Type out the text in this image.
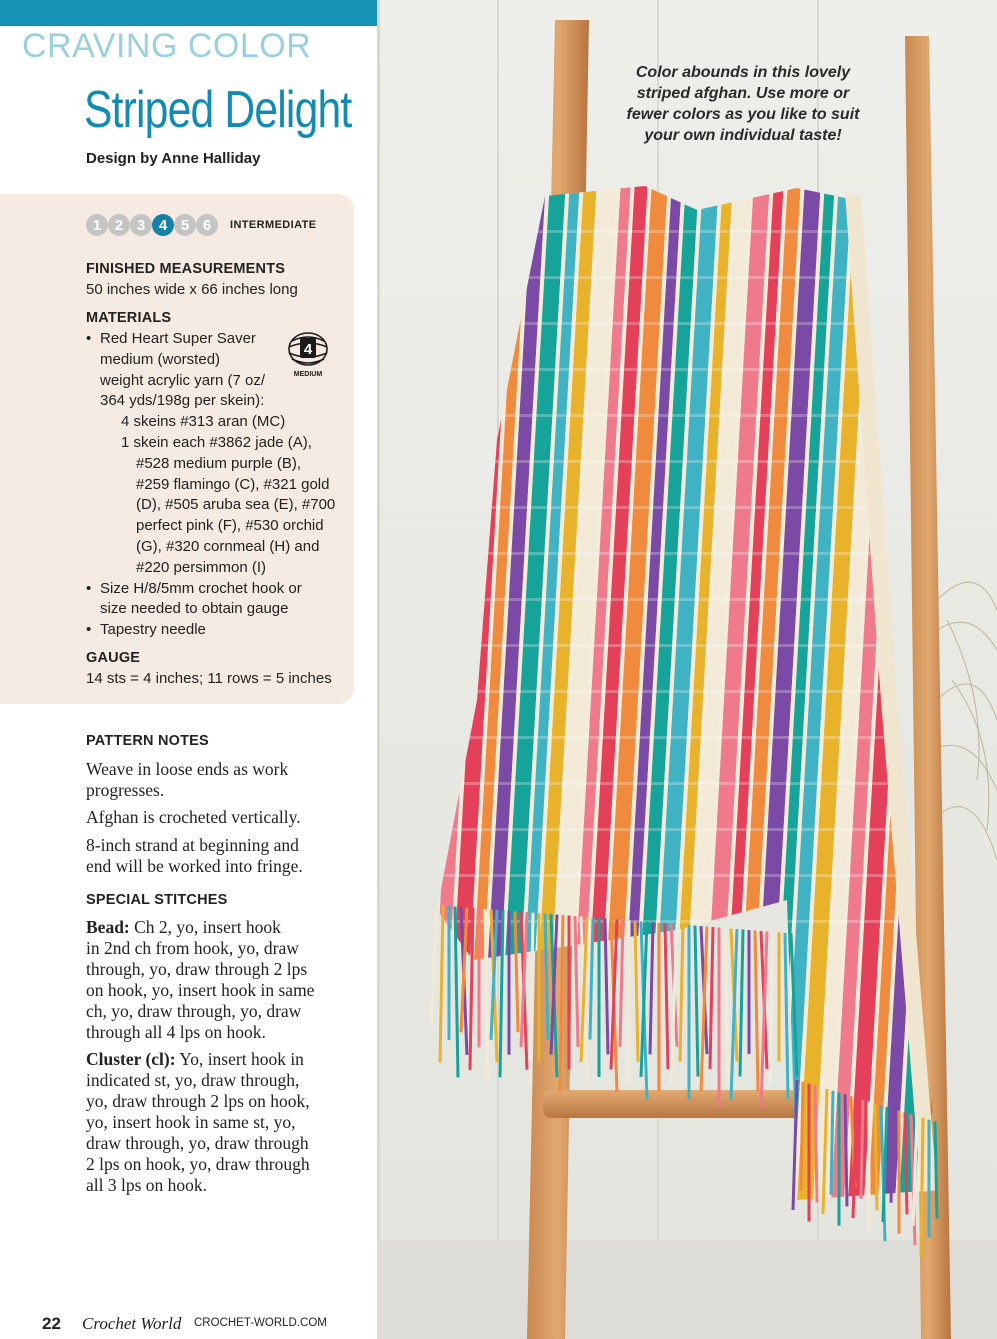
CRAVING COLOR
Striped Delight
Design by Anne Halliday
1 2 3 4 5 6	INTERMEDIATE
FINISHED MEASUREMENTS
50 inches wide x 66 inches long
MATERIALS
• Red Heart Super Saver
medium (worsted)
weight acrylic yarn (7 oz/
364 yds/198g per skein):
4 skeins #313 aran (MC)
1 skein each #3862 jade (A),
#528 medium purple (B),
#259 flamingo (C), #321 gold
(D), #505 aruba sea (E), #700
perfect pink (F), #530 orchid
(G), #320 cornmeal (H) and
#220 persimmon (I)
• Size H/8/5mm crochet hook or
size needed to obtain gauge
• Tapestry needle
4
MEDIUM
GAUGE
14 sts = 4 inches; 11 rows = 5 inches
PATTERN NOTES
Weave in loose ends as work
progresses.
Afghan is crocheted vertically.
8-inch strand at beginning and
end will be worked into fringe.
SPECIAL STITCHES
Bead: Ch 2, yo, insert hook
in 2nd ch from hook, yo, draw
through, yo, draw through 2 lps
on hook, yo, insert hook in same
ch, yo, draw through, yo, draw
through all 4 lps on hook.
Cluster (cl): Yo, insert hook in
indicated st, yo, draw through,
yo, draw through 2 lps on hook,
yo, insert hook in same st, yo,
draw through, yo, draw through
2 lps on hook, yo, draw through
all 3 lps on hook.
22 Crochet World CROCHET-WORLD.COM
Color abounds in this lovely
striped afghan. Use more or
fewer colors as you like to suit
your own individual taste!
